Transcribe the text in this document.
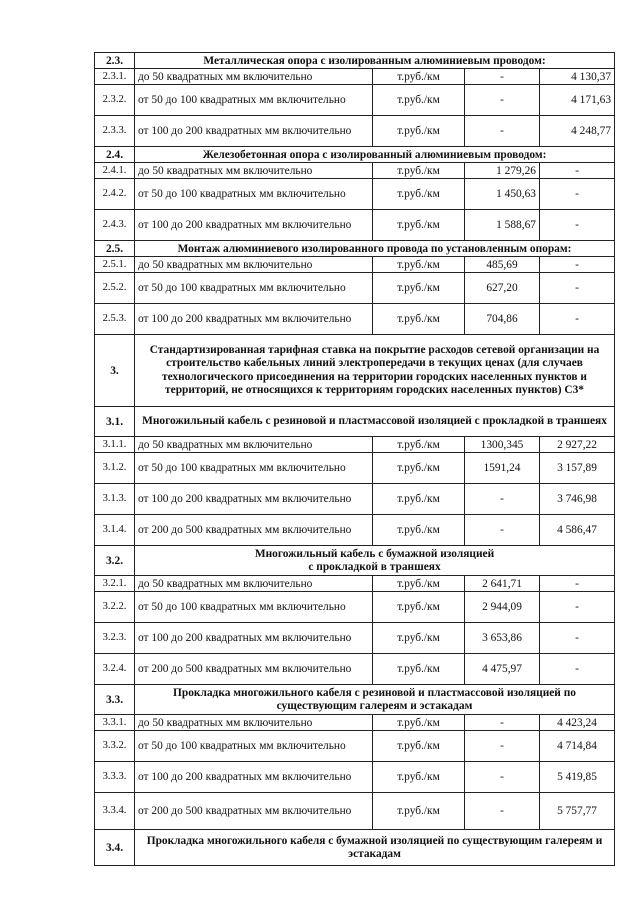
2.3.	Металлическая опора с изолированным алюминиевым проводом:			
2.3.1.	до 50 квадратных мм включительно	т.руб./км	-	4 130,37
2.3.2.	от 50 до 100 квадратных мм включительно	т.руб./км	-	4 171,63
2.3.3.	от 100 до 200 квадратных мм включительно	т.руб./км	-	4 248,77
2.4.	Железобетонная опора с изолированный алюминиевым проводом:			
2.4.1.	до 50 квадратных мм включительно	т.руб./км	1 279,26	-
2.4.2.	от 50 до 100 квадратных мм включительно	т.руб./км	1 450,63	-
2.4.3.	от 100 до 200 квадратных мм включительно	т.руб./км	1 588,67	-
2.5.	Монтаж алюминиевого изолированного провода по установленным опорам:			
2.5.1.	до 50 квадратных мм включительно	т.руб./км	485,69	-
2.5.2.	от 50 до 100 квадратных мм включительно	т.руб./км	627,20	-
2.5.3.	от 100 до 200 квадратных мм включительно	т.руб./км	704,86	-
3.	Стандартизированная тарифная ставка на покрытие расходов сетевой организации на строительство кабельных линий электропередачи в текущих ценах (для случаев технологического присоединения на территории городских населенных пунктов и территорий, не относящихся к территориям городских населенных пунктов) С3*			
3.1.	Многожильный кабель с резиновой и пластмассовой изоляцией с прокладкой в траншеях			
3.1.1.	до 50 квадратных мм включительно	т.руб./км	1300,345	2 927,22
3.1.2.	от 50 до 100 квадратных мм включительно	т.руб./км	1591,24	3 157,89
3.1.3.	от 100 до 200 квадратных мм включительно	т.руб./км	-	3 746,98
3.1.4.	от 200 до 500 квадратных мм включительно	т.руб./км	-	4 586,47
3.2.	Многожильный кабель с бумажной изоляцией
с прокладкой в траншеях			

3.2.1.	до 50 квадратных мм включительно	т.руб./км	2 641,71	-
3.2.2.	от 50 до 100 квадратных мм включительно	т.руб./км	2 944,09	-
3.2.3.	от 100 до 200 квадратных мм включительно	т.руб./км	3 653,86	-
3.2.4.	от 200 до 500 квадратных мм включительно	т.руб./км	4 475,97	-
3.3.	Прокладка многожильного кабеля с резиновой и пластмассовой изоляцией по существующим галереям и эстакадам			
3.3.1.	до 50 квадратных мм включительно	т.руб./км	-	4 423,24
3.3.2.	от 50 до 100 квадратных мм включительно	т.руб./км	-	4 714,84
3.3.3.	от 100 до 200 квадратных мм включительно	т.руб./км	-	5 419,85
3.3.4.	от 200 до 500 квадратных мм включительно	т.руб./км	-	5 757,77
3.4.	Прокладка многожильного кабеля с бумажной изоляцией по существующим галереям и эстакадам			
